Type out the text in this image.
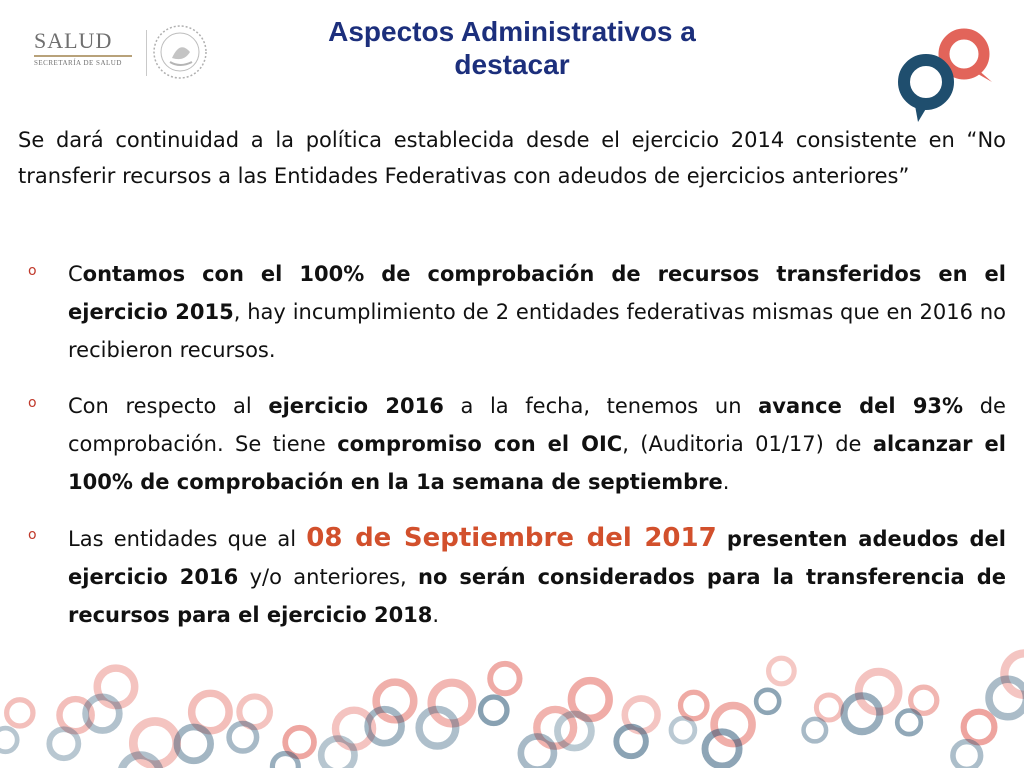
SALUD
SECRETARÍA DE SALUD
Aspectos Administrativos a
destacar
Se dará continuidad a la política establecida desde el ejercicio 2014 consistente en “No transferir recursos a las Entidades Federativas con adeudos de ejercicios anteriores”
o Contamos con el 100% de comprobación de recursos transferidos en el ejercicio 2015, hay incumplimiento de 2 entidades federativas mismas que en 2016 no recibieron recursos.
o Con respecto al ejercicio 2016 a la fecha, tenemos un avance del 93% de comprobación. Se tiene compromiso con el OIC, (Auditoria 01/17) de alcanzar el 100% de comprobación en la 1a semana de septiembre.
o Las entidades que al 08 de Septiembre del 2017 presenten adeudos del ejercicio 2016 y/o anteriores, no serán considerados para la transferencia de recursos para el ejercicio 2018.
